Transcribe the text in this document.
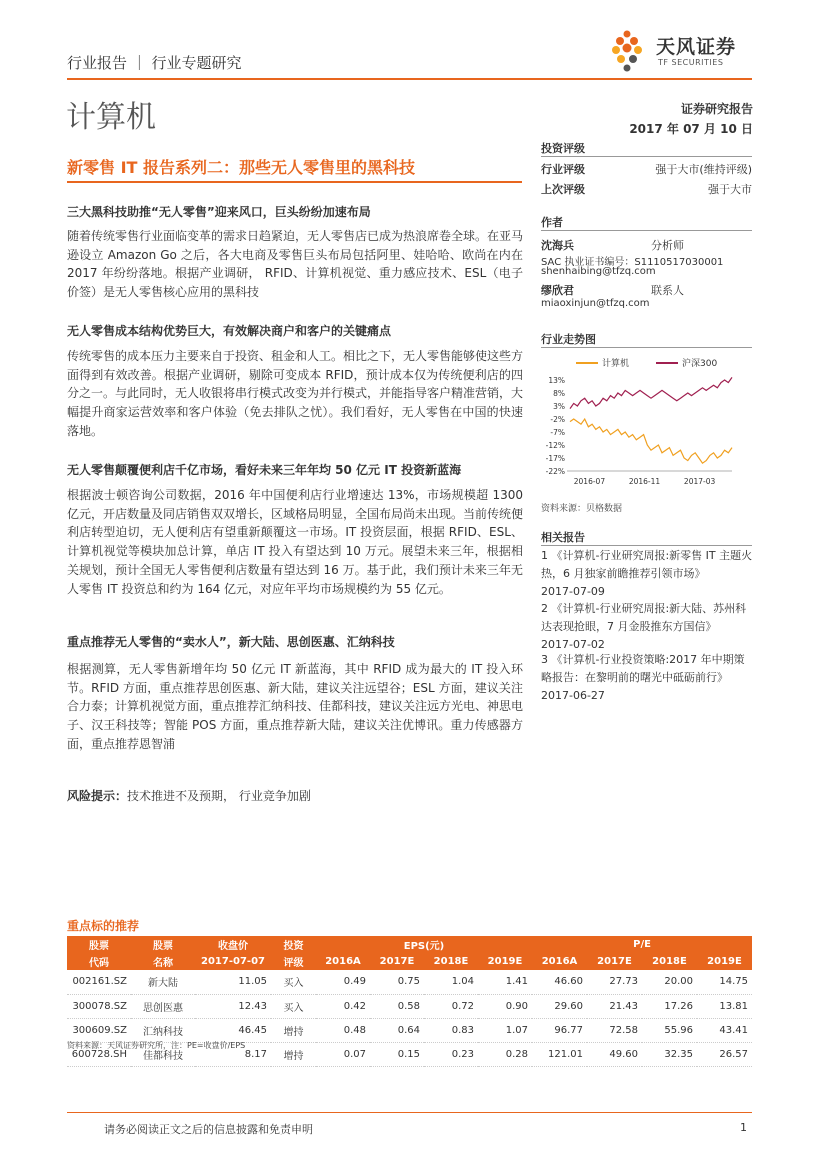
行业报告 ｜ 行业专题研究
天风证券
TF SECURITIES
计算机	证券研究报告
2017 年 07 月 10 日
新零售 IT 报告系列二：那些无人零售里的黑科技
三大黑科技助推“无人零售”迎来风口，巨头纷纷加速布局
随着传统零售行业面临变革的需求日趋紧迫，无人零售店已成为热浪席卷全球。在亚马逊设立 Amazon Go 之后，各大电商及零售巨头布局包括阿里、娃哈哈、欧尚在内在 2017 年纷纷落地。根据产业调研， RFID、计算机视觉、重力感应技术、ESL（电子价签）是无人零售核心应用的黑科技
无人零售成本结构优势巨大，有效解决商户和客户的关键痛点
传统零售的成本压力主要来自于投资、租金和人工。相比之下，无人零售能够使这些方面得到有效改善。根据产业调研，剔除可变成本 RFID，预计成本仅为传统便利店的四分之一。与此同时，无人收银将串行模式改变为并行模式，并能指导客户精准营销，大幅提升商家运营效率和客户体验（免去排队之忧）。我们看好，无人零售在中国的快速落地。
无人零售颠覆便利店千亿市场，看好未来三年年均 50 亿元 IT 投资新蓝海
根据波士顿咨询公司数据，2016 年中国便利店行业增速达 13%，市场规模超 1300 亿元，开店数量及同店销售双双增长，区域格局明显，全国布局尚未出现。当前传统便利店转型迫切，无人便利店有望重新颠覆这一市场。IT 投资层面，根据 RFID、ESL、计算机视觉等模块加总计算，单店 IT 投入有望达到 10 万元。展望未来三年，根据相关规划，预计全国无人零售便利店数量有望达到 16 万。基于此，我们预计未来三年无人零售 IT 投资总和约为 164 亿元，对应年平均市场规模约为 55 亿元。
重点推荐无人零售的“卖水人”，新大陆、思创医惠、汇纳科技
根据测算，无人零售新增年均 50 亿元 IT 新蓝海，其中 RFID 成为最大的 IT 投入环节。RFID 方面，重点推荐思创医惠、新大陆，建议关注远望谷；ESL 方面，建议关注合力泰；计算机视觉方面，重点推荐汇纳科技、佳都科技，建议关注远方光电、神思电子、汉王科技等；智能 POS 方面，重点推荐新大陆，建议关注优博讯。重力传感器方面，重点推荐恩智浦
风险提示：技术推进不及预期， 行业竞争加剧
投资评级
行业评级	强于大市(维持评级)
上次评级	强于大市
作者
沈海兵	分析师
SAC 执业证书编号：S1110517030001
shenhaibing@tfzq.com
缪欣君	联系人
miaoxinjun@tfzq.com
行业走势图
计算机	沪深300
13%
8%
3%
-2%
-7%
-12%
-17%
-22%
2016-07	2016-11	2017-03
资料来源：贝格数据
相关报告
1 《计算机-行业研究周报:新零售 IT 主题火热，6 月独家前瞻推荐引领市场》
2017-07-09
2 《计算机-行业研究周报:新大陆、苏州科达表现抢眼，7 月金股推东方国信》
2017-07-02
3 《计算机-行业投资策略:2017 年中期策略报告：在黎明前的曙光中砥砺前行》
2017-06-27
重点标的推荐
股票	股票	收盘价	投资	EPS(元)				P/E			
代码	名称	2017-07-07	评级	2016A	2017E	2018E	2019E	2016A	2017E	2018E	2019E
002161.SZ	新大陆	11.05	买入	0.49	0.75	1.04	1.41	46.60	27.73	20.00	14.75
300078.SZ	思创医惠	12.43	买入	0.42	0.58	0.72	0.90	29.60	21.43	17.26	13.81
300609.SZ	汇纳科技	46.45	增持	0.48	0.64	0.83	1.07	96.77	72.58	55.96	43.41
600728.SH	佳都科技	8.17	增持	0.07	0.15	0.23	0.28	121.01	49.60	32.35	26.57
资料来源：天风证券研究所，注：PE=收盘价/EPS
请务必阅读正文之后的信息披露和免责申明	1
